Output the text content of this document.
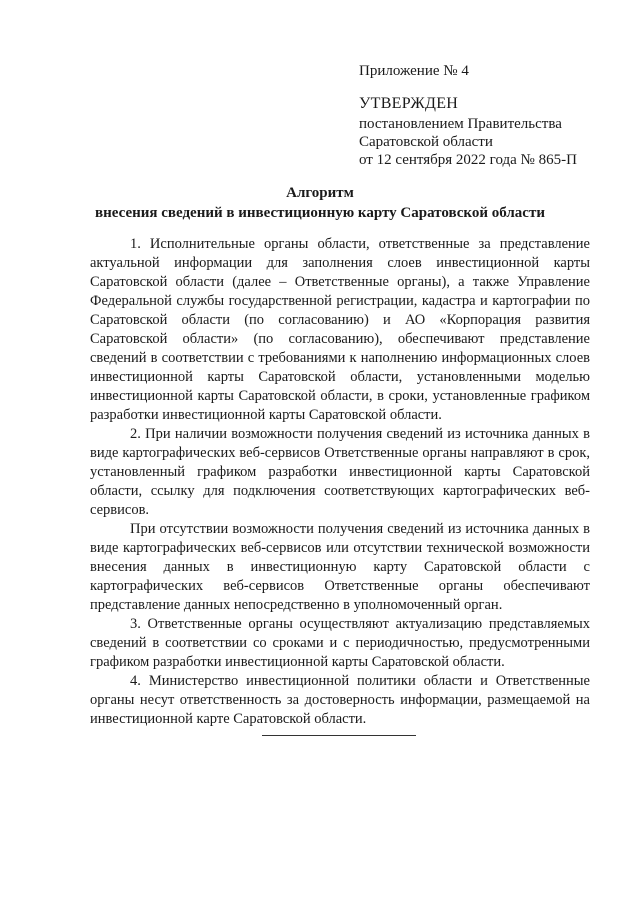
Приложение № 4
УТВЕРЖДЕН
постановлением Правительства
Саратовской области
от 12 сентября 2022 года № 865-П
Алгоритм
внесения сведений в инвестиционную карту Саратовской области

1. Исполнительные органы области, ответственные за представление актуальной информации для заполнения слоев инвестиционной карты Саратовской области (далее – Ответственные органы), а также Управление Федеральной службы государственной регистрации, кадастра и картографии по Саратовской области (по согласованию) и АО «Корпорация развития Саратовской области» (по согласованию), обеспечивают представление сведений в соответствии с требованиями к наполнению информационных слоев инвестиционной карты Саратовской области, установленными моделью инвестиционной карты Саратовской области, в сроки, установленные графиком разработки инвестиционной карты Саратовской области.

2. При наличии возможности получения сведений из источника данных в виде картографических веб-сервисов Ответственные органы направляют в срок, установленный графиком разработки инвестиционной карты Саратовской области, ссылку для подключения соответствующих картографических веб-сервисов.

При отсутствии возможности получения сведений из источника данных в виде картографических веб-сервисов или отсутствии технической возможности внесения данных в инвестиционную карту Саратовской области с картографических веб-сервисов Ответственные органы обеспечивают представление данных непосредственно в уполномоченный орган.

3. Ответственные органы осуществляют актуализацию представляемых сведений в соответствии со сроками и с периодичностью, предусмотренными графиком разработки инвестиционной карты Саратовской области.

4. Министерство инвестиционной политики области и Ответственные органы несут ответственность за достоверность информации, размещаемой на инвестиционной карте Саратовской области.
